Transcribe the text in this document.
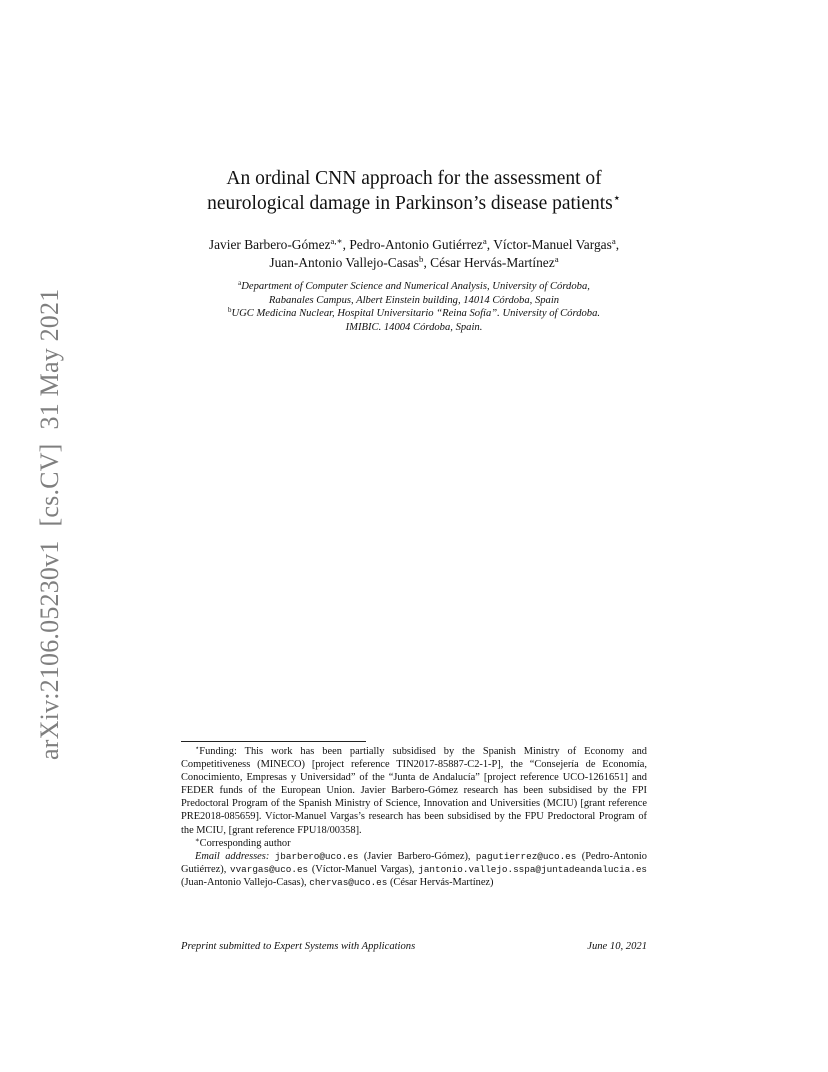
arXiv:2106.05230v1[cs.CV]31 May 2021
An ordinal CNN approach for the assessment of
neurological damage in Parkinson’s disease patients⋆
Javier Barbero-Gómez$^{a,∗}$, Pedro-Antonio Gutiérrez$^a$, Víctor-Manuel Vargas$^a$,
Juan-Antonio Vallejo-Casas$^b$, César Hervás-Martínez$^a$
$^a$Department of Computer Science and Numerical Analysis, University of Córdoba,
Rabanales Campus, Albert Einstein building, 14014 Córdoba, Spain
$^b$UGC Medicina Nuclear, Hospital Universitario “Reina Sofía”. University of Córdoba.
IMIBIC. 14004 Córdoba, Spain.

⋆Funding: This work has been partially subsidised by the Spanish Ministry of Economy and Competitiveness (MINECO) [project reference TIN2017-85887-C2-1-P], the “Consejería de Economía, Conocimiento, Empresas y Universidad” of the “Junta de Andalucía” [project reference UCO-1261651] and FEDER funds of the European Union. Javier Barbero-Gómez research has been subsidised by the FPI Predoctoral Program of the Spanish Ministry of Science, Innovation and Universities (MCIU) [grant reference PRE2018-085659]. Víctor-Manuel Vargas’s research has been subsidised by the FPU Predoctoral Program of the MCIU, [grant reference FPU18/00358].

∗Corresponding author

Email addresses: jbarbero@uco.es (Javier Barbero-Gómez), pagutierrez@uco.es (Pedro-Antonio Gutiérrez), vvargas@uco.es (Víctor-Manuel Vargas), jantonio.vallejo.sspa@juntadeandalucia.es (Juan-Antonio Vallejo-Casas), chervas@uco.es (César Hervás-Martínez)

Preprint submitted to Expert Systems with Applications	June 10, 2021
